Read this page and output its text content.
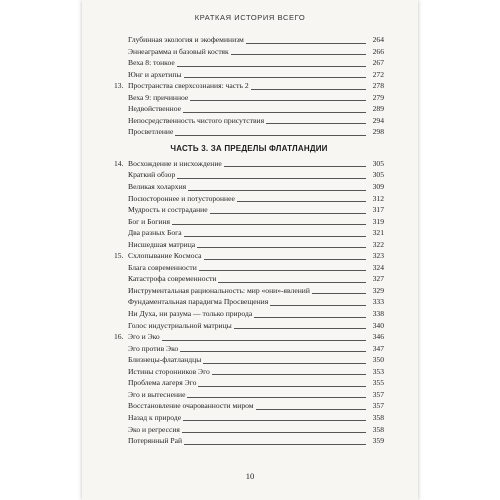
КРАТКАЯ ИСТОРИЯ ВСЕГО
Глубинная экология и экофеминизм	264
Эннеаграмма и базовый костяк	266
Веха 8: тонкое	267
Юнг и архетипы	272
13. Пространства сверхсознания: часть 2	278
Веха 9: причинное	279
Недвойственное	289
Непосредственность чистого присутствия	294
Просветление	298
ЧАСТЬ 3. ЗА ПРЕДЕЛЫ ФЛАТЛАНДИИ
14. Восхождение и нисхождение	305
Краткий обзор	305
Великая холархия	309
Посюстороннее и потустороннее	312
Мудрость и сострадание	317
Бог и Богиня	319
Два разных Бога	321
Нисшедшая матрица	322
15. Схлопывание Космоса	323
Блага современности	324
Катастрофа современности	327
Инструментальная рациональность: мир «они»-явлений	329
Фундаментальная парадигма Просвещения	333
Ни Духа, ни разума — только природа	338
Голос индустриальной матрицы	340
16. Эго и Эко	346
Эго против Эко	347
Близнецы-флатландцы	350
Истины сторонников Эго	353
Проблема лагеря Эго	355
Эго и вытеснение	357
Восстановление очарованности миром	357
Назад к природе	358
Эко и регрессия	358
Потерянный Рай	359
10
